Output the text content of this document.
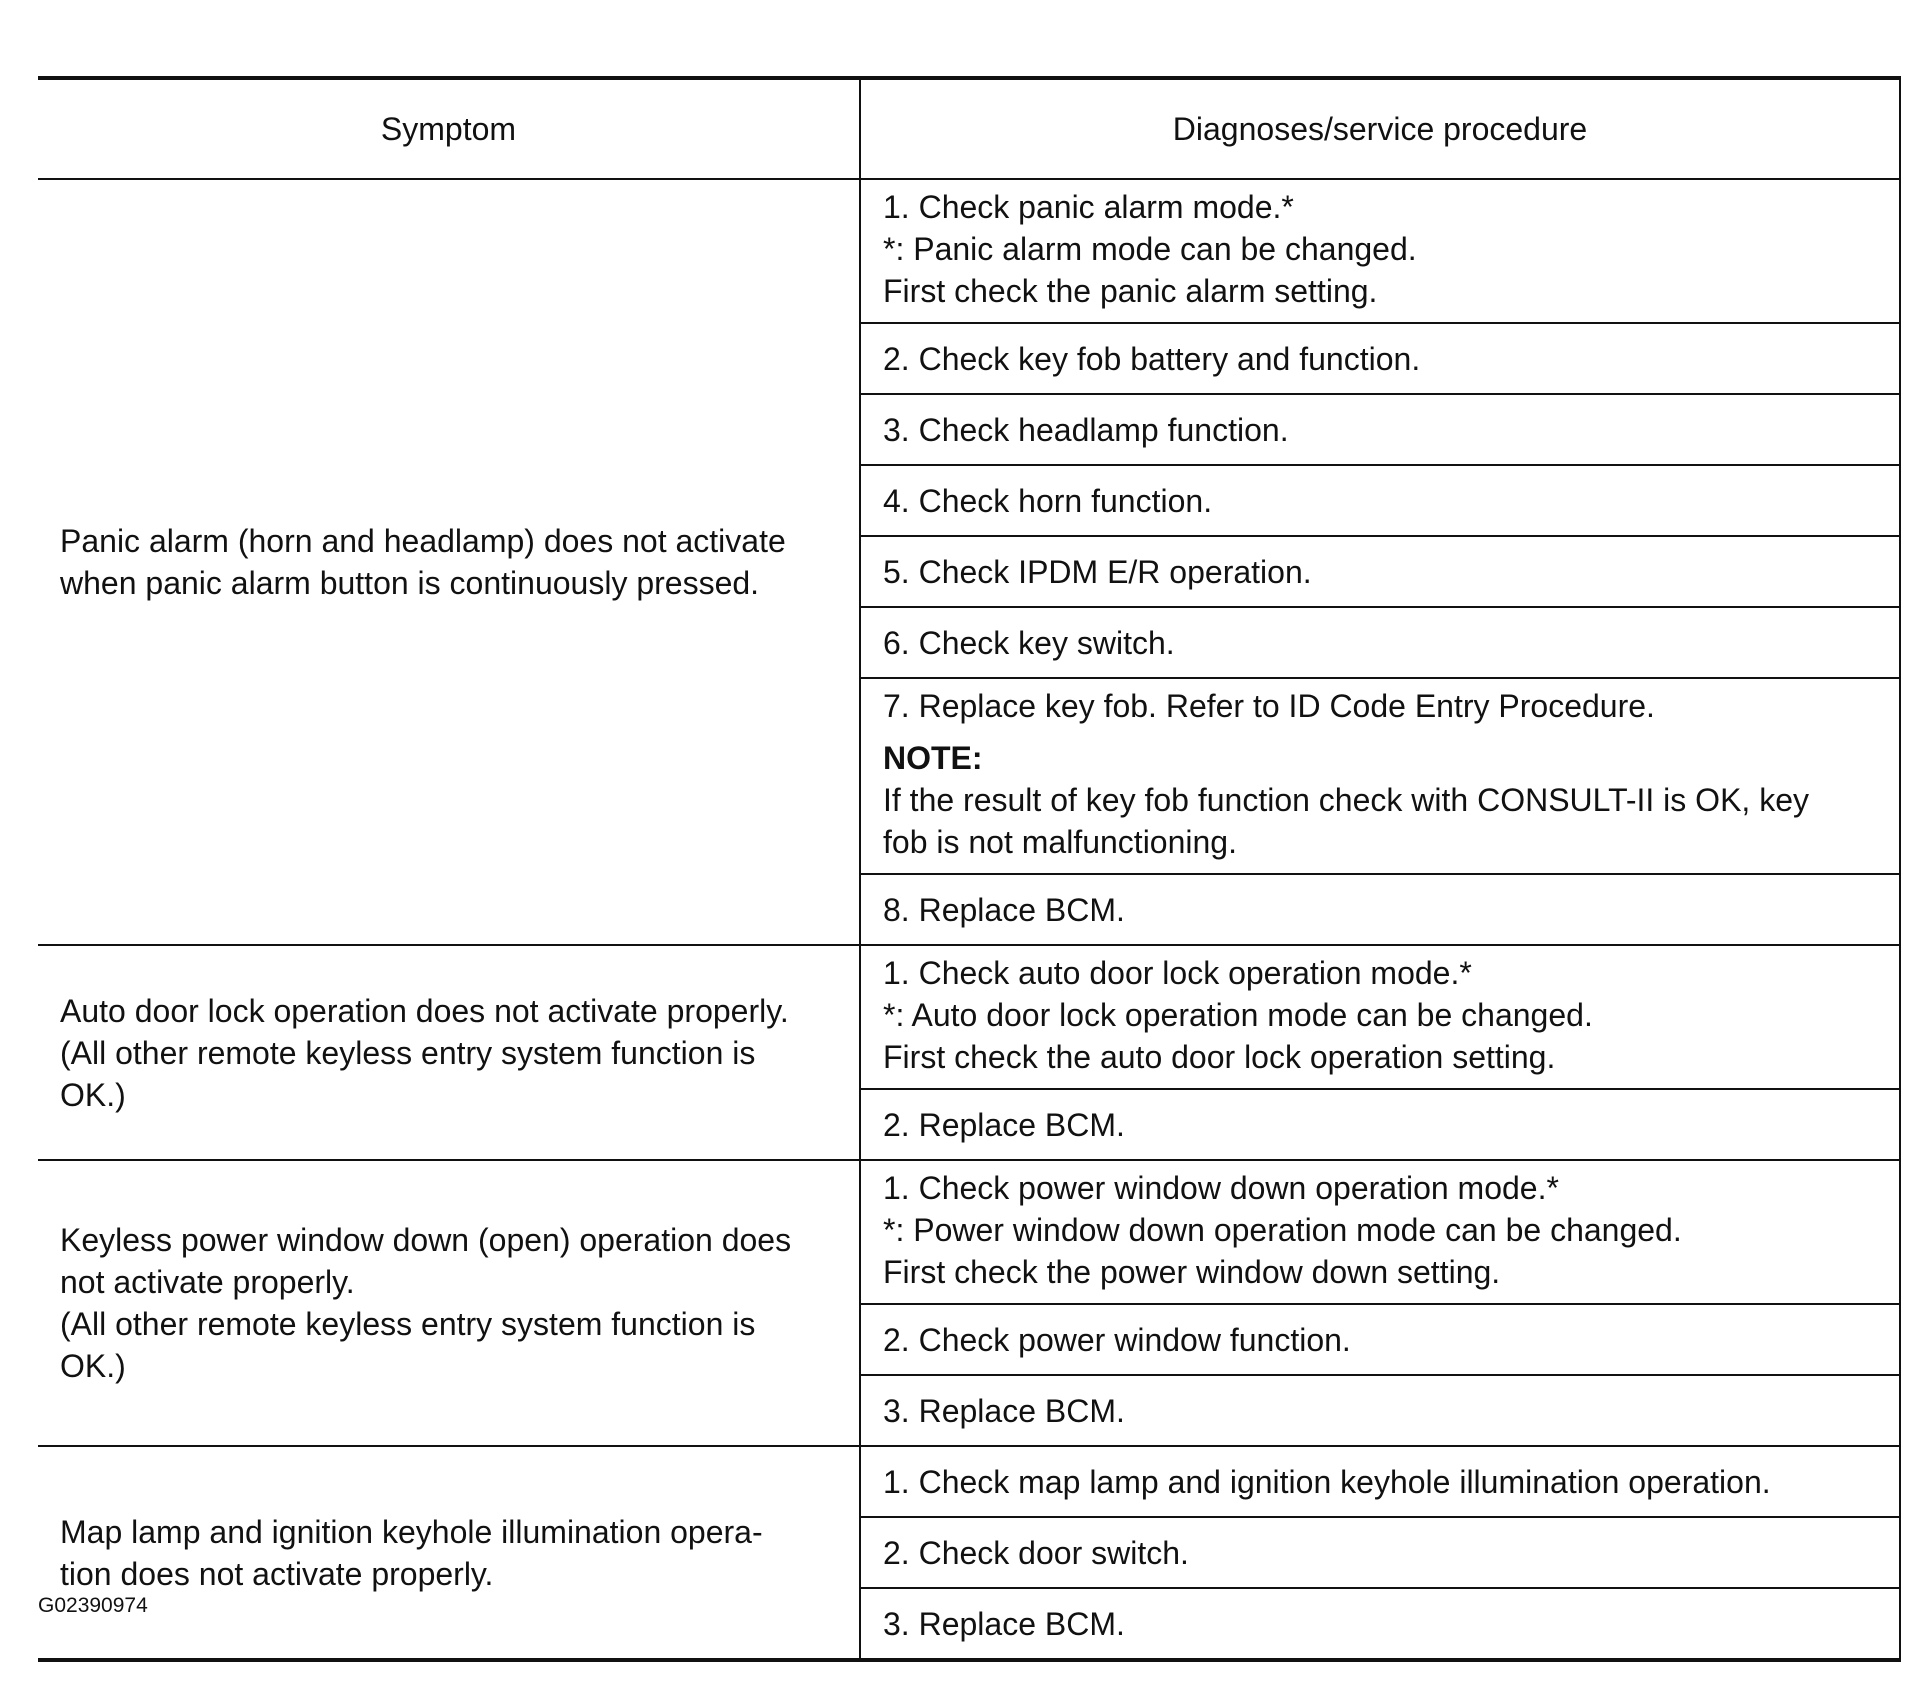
Symptom	Diagnoses/service procedure

Panic alarm (horn and headlamp) does not activate
when panic alarm button is continuously pressed.	1. Check panic alarm mode.*
*: Panic alarm mode can be changed.
First check the panic alarm setting.

	2. Check key fob battery and function.

	3. Check headlamp function.

	4. Check horn function.

	5. Check IPDM E/R operation.

	6. Check key switch.

	7. Replace key fob. Refer to ID Code Entry Procedure.
NOTE:
If the result of key fob function check with CONSULT-II is OK, key
fob is not malfunctioning.

	8. Replace BCM.

Auto door lock operation does not activate properly.
(All other remote keyless entry system function is
OK.)	1. Check auto door lock operation mode.*
*: Auto door lock operation mode can be changed.
First check the auto door lock operation setting.

	2. Replace BCM.

Keyless power window down (open) operation does
not activate properly.
(All other remote keyless entry system function is
OK.)	1. Check power window down operation mode.*
*: Power window down operation mode can be changed.
First check the power window down setting.

	2. Check power window function.

	3. Replace BCM.

Map lamp and ignition keyhole illumination opera-
tion does not activate properly.	1. Check map lamp and ignition keyhole illumination operation.

	2. Check door switch.

	3. Replace BCM.
G02390974
